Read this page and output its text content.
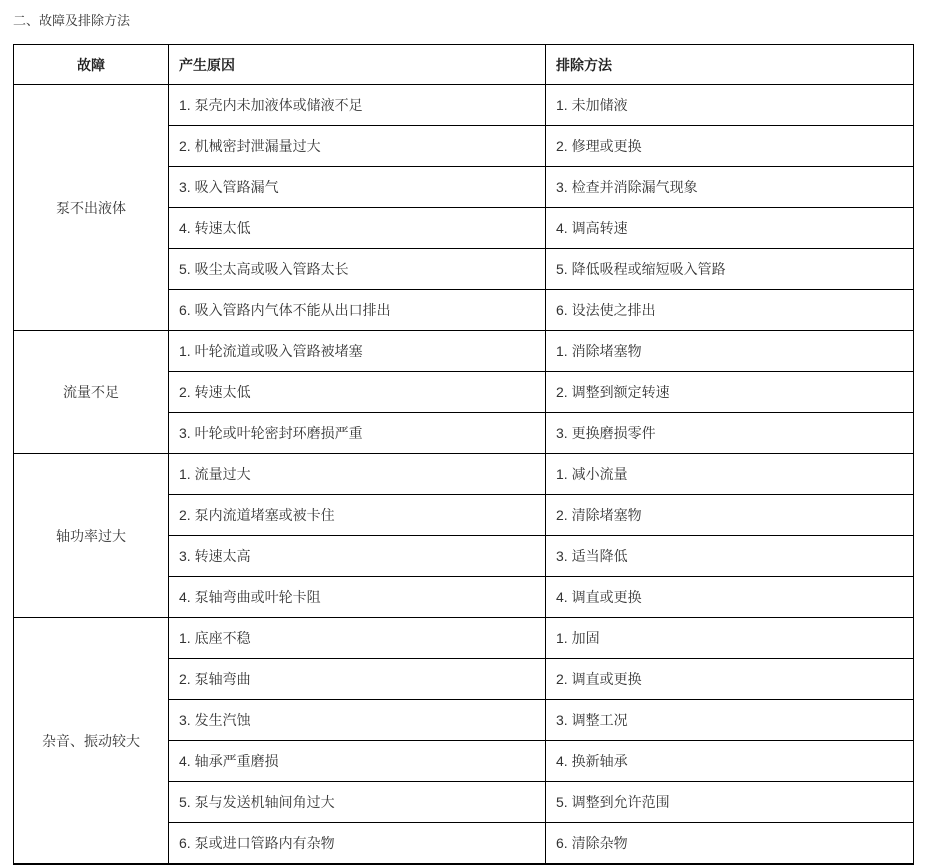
二、故障及排除方法
故障	产生原因	排除方法
泵不出液体	1. 泵壳内未加液体或储液不足	1. 未加储液
	2. 机械密封泄漏量过大	2. 修理或更换
	3. 吸入管路漏气	3. 检查并消除漏气现象
	4. 转速太低	4. 调高转速
	5. 吸尘太高或吸入管路太长	5. 降低吸程或缩短吸入管路
	6. 吸入管路内气体不能从出口排出	6. 设法使之排出
流量不足	1. 叶轮流道或吸入管路被堵塞	1. 消除堵塞物
	2. 转速太低	2. 调整到额定转速
	3. 叶轮或叶轮密封环磨损严重	3. 更换磨损零件
轴功率过大	1. 流量过大	1. 减小流量
	2. 泵内流道堵塞或被卡住	2. 清除堵塞物
	3. 转速太高	3. 适当降低
	4. 泵轴弯曲或叶轮卡阻	4. 调直或更换
杂音、振动较大	1. 底座不稳	1. 加固
	2. 泵轴弯曲	2. 调直或更换
	3. 发生汽蚀	3. 调整工况
	4. 轴承严重磨损	4. 换新轴承
	5. 泵与发送机轴间角过大	5. 调整到允许范围
	6. 泵或进口管路内有杂物	6. 清除杂物
